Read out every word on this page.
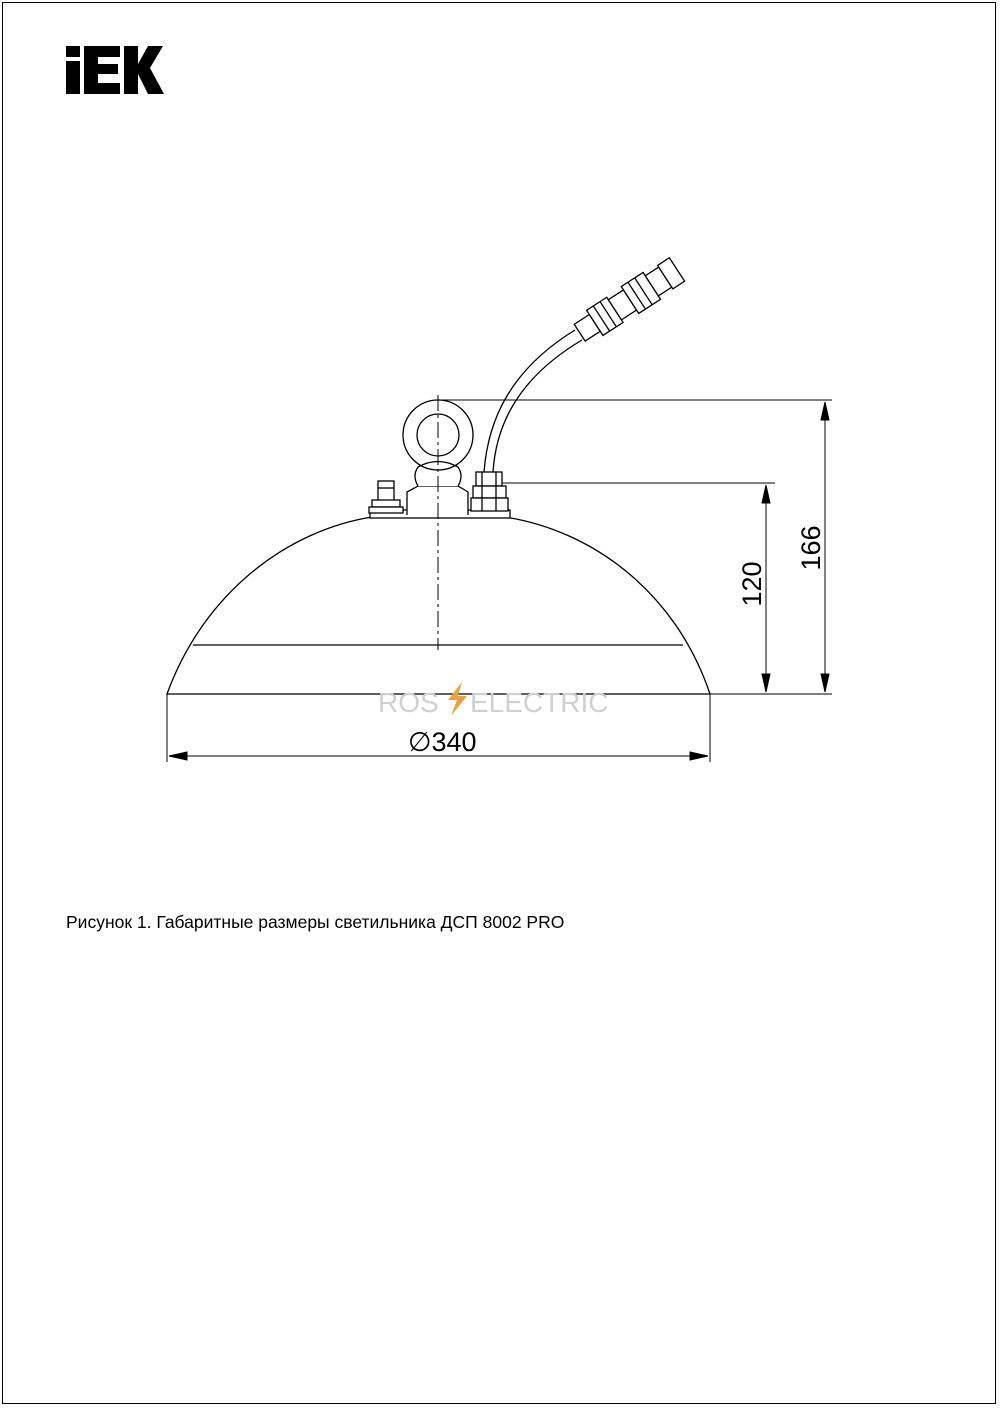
ROS ELECTRIC
∅340
166
120
Рисунок 1. Габаритные размеры светильника ДСП 8002 PRO
